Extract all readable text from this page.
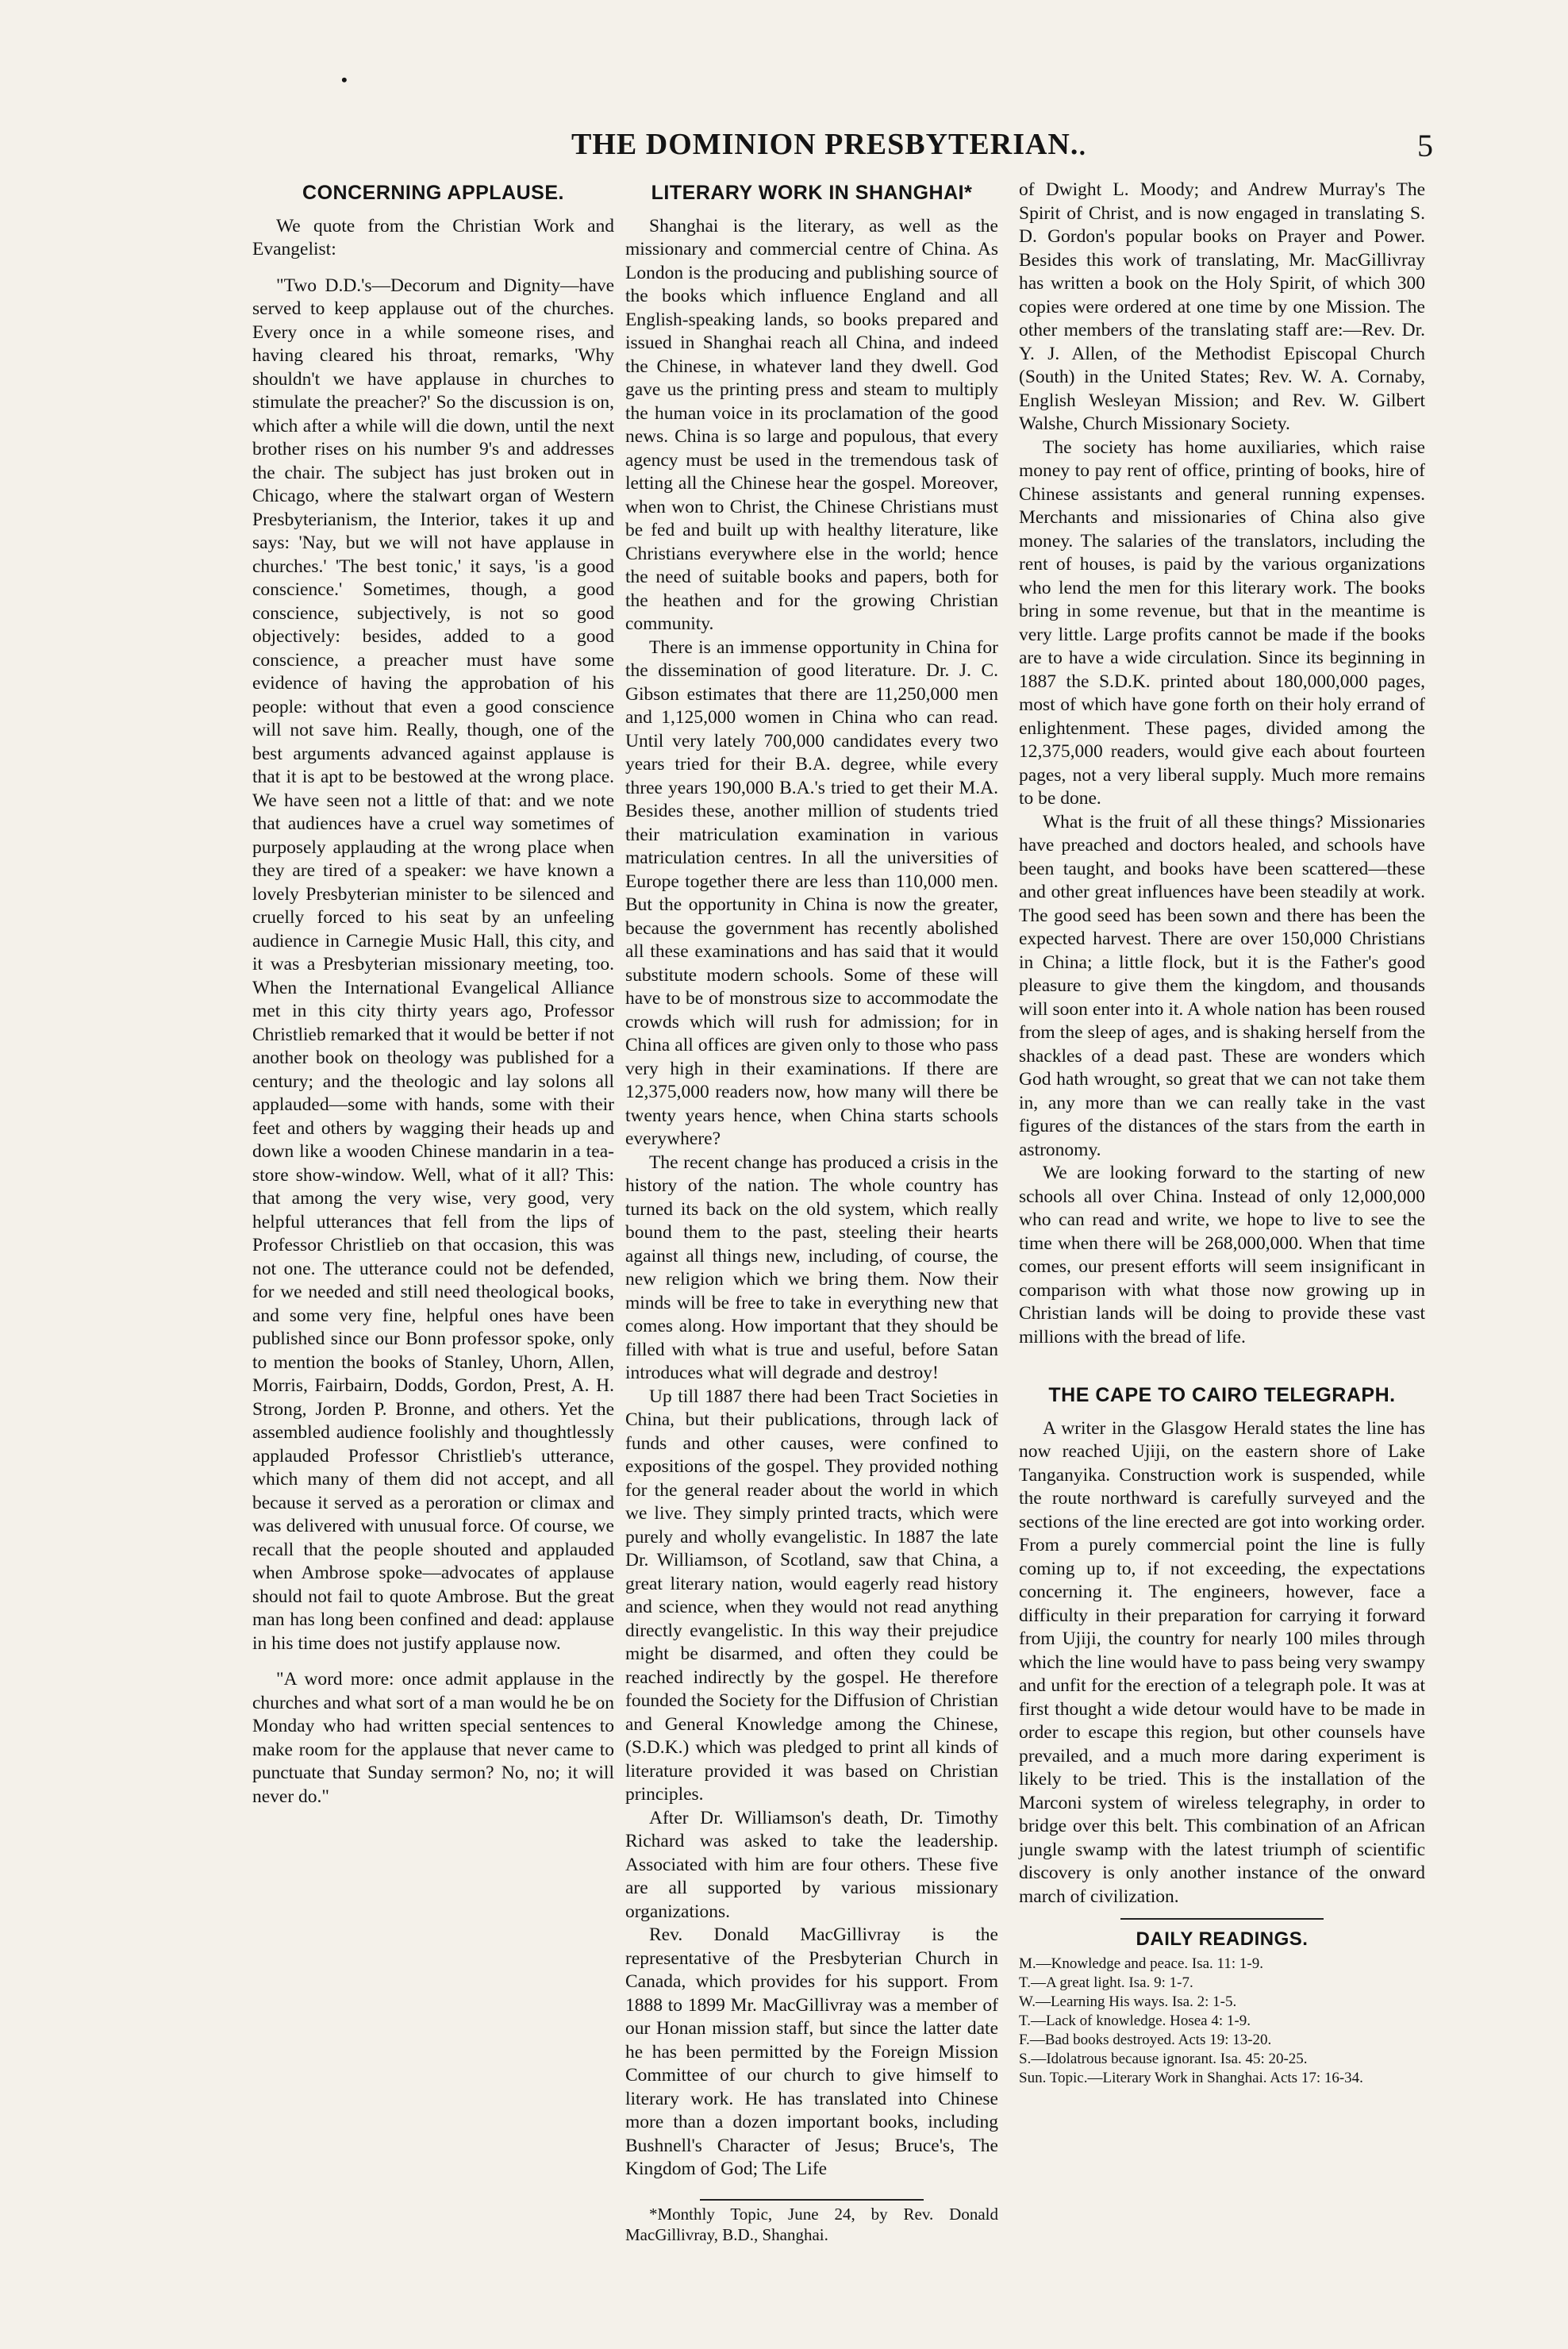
•
THE DOMINION PRESBYTERIAN.	5
•
CONCERNING APPLAUSE.

We quote from the Christian Work and Evangelist:

"Two D.D.'s—Decorum and Dignity—have served to keep applause out of the churches. Every once in a while someone rises, and having cleared his throat, remarks, 'Why shouldn't we have applause in churches to stimulate the preacher?' So the discussion is on, which after a while will die down, until the next brother rises on his number 9's and addresses the chair. The subject has just broken out in Chicago, where the stalwart organ of Western Presbyterianism, the Interior, takes it up and says: 'Nay, but we will not have applause in churches.' 'The best tonic,' it says, 'is a good conscience.' Sometimes, though, a good conscience, subjectively, is not so good objectively: besides, added to a good conscience, a preacher must have some evidence of having the approbation of his people: without that even a good conscience will not save him. Really, though, one of the best arguments advanced against applause is that it is apt to be bestowed at the wrong place. We have seen not a little of that: and we note that audiences have a cruel way sometimes of purposely applauding at the wrong place when they are tired of a speaker: we have known a lovely Presbyterian minister to be silenced and cruelly forced to his seat by an unfeeling audience in Carnegie Music Hall, this city, and it was a Presbyterian missionary meeting, too. When the International Evangelical Alliance met in this city thirty years ago, Professor Christlieb remarked that it would be better if not another book on theology was published for a century; and the theologic and lay solons all applauded—some with hands, some with their feet and others by wagging their heads up and down like a wooden Chinese mandarin in a tea-store show-window. Well, what of it all? This: that among the very wise, very good, very helpful utterances that fell from the lips of Professor Christlieb on that occasion, this was not one. The utterance could not be defended, for we needed and still need theological books, and some very fine, helpful ones have been published since our Bonn professor spoke, only to mention the books of Stanley, Uhorn, Allen, Morris, Fairbairn, Dodds, Gordon, Prest, A. H. Strong, Jorden P. Bronne, and others. Yet the assembled audience foolishly and thoughtlessly applauded Professor Christlieb's utterance, which many of them did not accept, and all because it served as a peroration or climax and was delivered with unusual force. Of course, we recall that the people shouted and applauded when Ambrose spoke—advocates of applause should not fail to quote Ambrose. But the great man has long been confined and dead: applause in his time does not justify applause now.

"A word more: once admit applause in the churches and what sort of a man would he be on Monday who had written special sentences to make room for the applause that never came to punctuate that Sunday sermon? No, no; it will never do."

LITERARY WORK IN SHANGHAI*

Shanghai is the literary, as well as the missionary and commercial centre of China. As London is the producing and publishing source of the books which influence England and all English-speaking lands, so books prepared and issued in Shanghai reach all China, and indeed the Chinese, in whatever land they dwell. God gave us the printing press and steam to multiply the human voice in its proclamation of the good news. China is so large and populous, that every agency must be used in the tremendous task of letting all the Chinese hear the gospel. Moreover, when won to Christ, the Chinese Christians must be fed and built up with healthy literature, like Christians everywhere else in the world; hence the need of suitable books and papers, both for the heathen and for the growing Christian community.

There is an immense opportunity in China for the dissemination of good literature. Dr. J. C. Gibson estimates that there are 11,250,000 men and 1,125,000 women in China who can read. Until very lately 700,000 candidates every two years tried for their B.A. degree, while every three years 190,000 B.A.'s tried to get their M.A. Besides these, another million of students tried their matriculation examination in various matriculation centres. In all the universities of Europe together there are less than 110,000 men. But the opportunity in China is now the greater, because the government has recently abolished all these examinations and has said that it would substitute modern schools. Some of these will have to be of monstrous size to accommodate the crowds which will rush for admission; for in China all offices are given only to those who pass very high in their examinations. If there are 12,375,000 readers now, how many will there be twenty years hence, when China starts schools everywhere?

The recent change has produced a crisis in the history of the nation. The whole country has turned its back on the old system, which really bound them to the past, steeling their hearts against all things new, including, of course, the new religion which we bring them. Now their minds will be free to take in everything new that comes along. How important that they should be filled with what is true and useful, before Satan introduces what will degrade and destroy!

Up till 1887 there had been Tract Societies in China, but their publications, through lack of funds and other causes, were confined to expositions of the gospel. They provided nothing for the general reader about the world in which we live. They simply printed tracts, which were purely and wholly evangelistic. In 1887 the late Dr. Williamson, of Scotland, saw that China, a great literary nation, would eagerly read history and science, when they would not read anything directly evangelistic. In this way their prejudice might be disarmed, and often they could be reached indirectly by the gospel. He therefore founded the Society for the Diffusion of Christian and General Knowledge among the Chinese, (S.D.K.) which was pledged to print all kinds of literature provided it was based on Christian principles.

After Dr. Williamson's death, Dr. Timothy Richard was asked to take the leadership. Associated with him are four others. These five are all supported by various missionary organizations.

Rev. Donald MacGillivray is the representative of the Presbyterian Church in Canada, which provides for his support. From 1888 to 1899 Mr. MacGillivray was a member of our Honan mission staff, but since the latter date he has been permitted by the Foreign Mission Committee of our church to give himself to literary work. He has translated into Chinese more than a dozen important books, including Bushnell's Character of Jesus; Bruce's, The Kingdom of God; The Life

*Monthly Topic, June 24, by Rev. Donald MacGillivray, B.D., Shanghai.

of Dwight L. Moody; and Andrew Murray's The Spirit of Christ, and is now engaged in translating S. D. Gordon's popular books on Prayer and Power. Besides this work of translating, Mr. MacGillivray has written a book on the Holy Spirit, of which 300 copies were ordered at one time by one Mission. The other members of the translating staff are:—Rev. Dr. Y. J. Allen, of the Methodist Episcopal Church (South) in the United States; Rev. W. A. Cornaby, English Wesleyan Mission; and Rev. W. Gilbert Walshe, Church Missionary Society.

The society has home auxiliaries, which raise money to pay rent of office, printing of books, hire of Chinese assistants and general running expenses. Merchants and missionaries of China also give money. The salaries of the translators, including the rent of houses, is paid by the various organizations who lend the men for this literary work. The books bring in some revenue, but that in the meantime is very little. Large profits cannot be made if the books are to have a wide circulation. Since its beginning in 1887 the S.D.K. printed about 180,000,000 pages, most of which have gone forth on their holy errand of enlightenment. These pages, divided among the 12,375,000 readers, would give each about fourteen pages, not a very liberal supply. Much more remains to be done.

What is the fruit of all these things? Missionaries have preached and doctors healed, and schools have been taught, and books have been scattered—these and other great influences have been steadily at work. The good seed has been sown and there has been the expected harvest. There are over 150,000 Christians in China; a little flock, but it is the Father's good pleasure to give them the kingdom, and thousands will soon enter into it. A whole nation has been roused from the sleep of ages, and is shaking herself from the shackles of a dead past. These are wonders which God hath wrought, so great that we can not take them in, any more than we can really take in the vast figures of the distances of the stars from the earth in astronomy.

We are looking forward to the starting of new schools all over China. Instead of only 12,000,000 who can read and write, we hope to live to see the time when there will be 268,000,000. When that time comes, our present efforts will seem insignificant in comparison with what those now growing up in Christian lands will be doing to provide these vast millions with the bread of life.

THE CAPE TO CAIRO TELEGRAPH.

A writer in the Glasgow Herald states the line has now reached Ujiji, on the eastern shore of Lake Tanganyika. Construction work is suspended, while the route northward is carefully surveyed and the sections of the line erected are got into working order. From a purely commercial point the line is fully coming up to, if not exceeding, the expectations concerning it. The engineers, however, face a difficulty in their preparation for carrying it forward from Ujiji, the country for nearly 100 miles through which the line would have to pass being very swampy and unfit for the erection of a telegraph pole. It was at first thought a wide detour would have to be made in order to escape this region, but other counsels have prevailed, and a much more daring experiment is likely to be tried. This is the installation of the Marconi system of wireless telegraphy, in order to bridge over this belt. This combination of an African jungle swamp with the latest triumph of scientific discovery is only another instance of the onward march of civilization.

DAILY READINGS.
M.—Knowledge and peace. Isa. 11: 1-9.
T.—A great light. Isa. 9: 1-7.
W.—Learning His ways. Isa. 2: 1-5.
T.—Lack of knowledge. Hosea 4: 1-9.
F.—Bad books destroyed. Acts 19: 13-20.
S.—Idolatrous because ignorant. Isa. 45: 20-25.
Sun. Topic.—Literary Work in Shanghai. Acts 17: 16-34.
